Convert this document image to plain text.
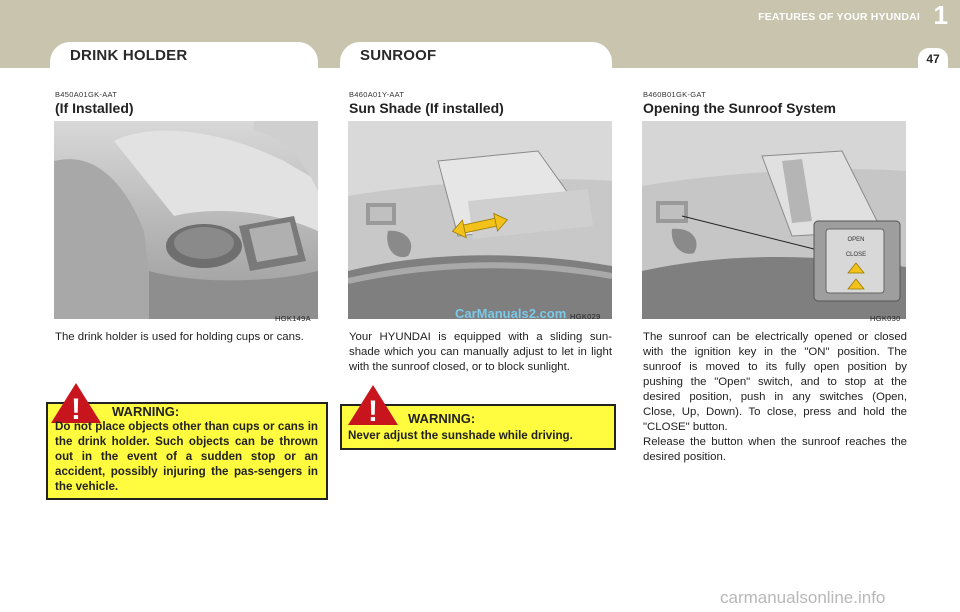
DRINK HOLDER	SUNROOF
FEATURES OF YOUR HYUNDAI 1
47
B450A01GK-AAT
(If Installed)
HGK149A
The drink holder is used for holding cups or cans.
! WARNING:
Do not place objects other than cups or cans in the drink holder. Such objects can be thrown out in the event of a sudden stop or an accident, possibly injuring the pas-sengers in the vehicle.
B460A01Y-AAT
Sun Shade (If installed)
CarManuals2.com HGK029
Your HYUNDAI is equipped with a sliding sun-shade which you can manually adjust to let in light with the sunroof closed, or to block sunlight.
! WARNING:
Never adjust the sunshade while driving.
B460B01GK-GAT
Opening the Sunroof System
OPEN
CLOSE
HGK030
The sunroof can be electrically opened or closed with the ignition key in the "ON" position. The sunroof is moved to its fully open position by pushing the "Open" switch, and to stop at the desired position, push in any switches (Open, Close, Up, Down). To close, press and hold the "CLOSE" button.
Release the button when the sunroof reaches the desired position.
carmanualsonline.info
